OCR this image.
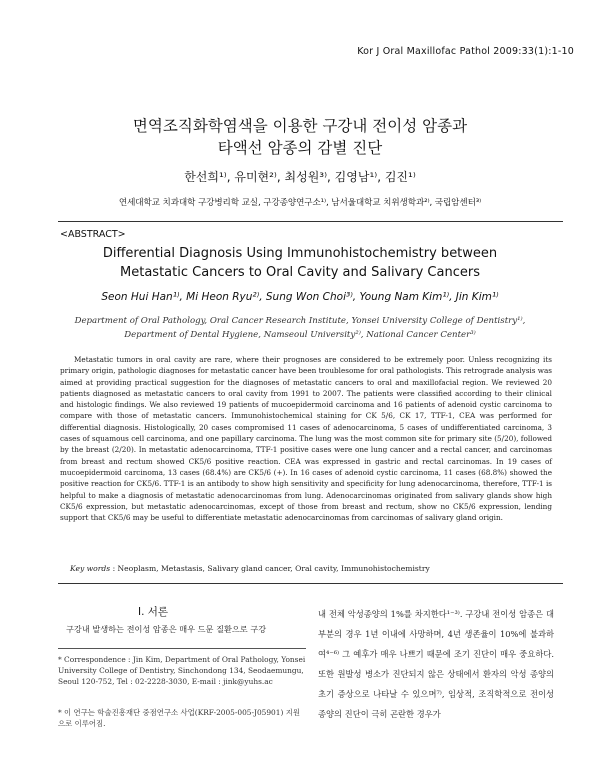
Kor J Oral Maxillofac Pathol 2009:33(1):1-10
면역조직화학염색을 이용한 구강내 전이성 암종과
타액선 암종의 감별 진단
한선희¹⁾, 유미현²⁾, 최성원³⁾, 김영남¹⁾, 김진¹⁾
연세대학교 치과대학 구강병리학 교실, 구강종양연구소¹⁾, 남서울대학교 치위생학과²⁾, 국립암센터³⁾
<ABSTRACT>
Differential Diagnosis Using Immunohistochemistry between
Metastatic Cancers to Oral Cavity and Salivary Cancers
Seon Hui Han¹⁾, Mi Heon Ryu²⁾, Sung Won Choi³⁾, Young Nam Kim¹⁾, Jin Kim¹⁾
Department of Oral Pathology, Oral Cancer Research Institute, Yonsei University College of Dentistry¹⁾,
Department of Dental Hygiene, Namseoul University²⁾, National Cancer Center³⁾
Metastatic tumors in oral cavity are rare, where their prognoses are considered to be extremely poor. Unless recognizing its primary origin, pathologic diagnoses for metastatic cancer have been troublesome for oral pathologists. This retrograde analysis was aimed at providing practical suggestion for the diagnoses of metastatic cancers to oral and maxillofacial region. We reviewed 20 patients diagnosed as metastatic cancers to oral cavity from 1991 to 2007. The patients were classified according to their clinical and histologic findings. We also reviewed 19 patients of mucoepidermoid carcinoma and 16 patients of adenoid cystic carcinoma to compare with those of metastatic cancers. Immunohistochemical staining for CK 5/6, CK 17, TTF-1, CEA was performed for differential diagnosis. Histologically, 20 cases compromised 11 cases of adenocarcinoma, 5 cases of undifferentiated carcinoma, 3 cases of squamous cell carcinoma, and one papillary carcinoma. The lung was the most common site for primary site (5/20), followed by the breast (2/20). In metastatic adenocarcinoma, TTF-1 positive cases were one lung cancer and a rectal cancer, and carcinomas from breast and rectum showed CK5/6 positive reaction. CEA was expressed in gastric and rectal carcinomas. In 19 cases of mucoepidermoid carcinoma, 13 cases (68.4%) are CK5/6 (+). In 16 cases of adenoid cystic carcinoma, 11 cases (68.8%) showed the positive reaction for CK5/6. TTF-1 is an antibody to show high sensitivity and specificity for lung adenocarcinoma, therefore, TTF-1 is helpful to make a diagnosis of metastatic adenocarcinomas from lung. Adenocarcinomas originated from salivary glands show high CK5/6 expression, but metastatic adenocarcinomas, except of those from breast and rectum, show no CK5/6 expression, lending support that CK5/6 may be useful to differentiate metastatic adenocarcinomas from carcinomas of salivary gland origin.
Key words : Neoplasm, Metastasis, Salivary gland cancer, Oral cavity, Immunohistochemistry
I. 서론
구강내 발생하는 전이성 암종은 매우 드문 질환으로 구강
* Correspondence : Jin Kim, Department of Oral Pathology, Yonsei University College of Dentistry, Sinchondong 134, Seodaemungu, Seoul 120-752, Tel : 02-2228-3030, E-mail : jink@yuhs.ac
* 이 연구는 학술진흥재단 중점연구소 사업(KRF-2005-005-J05901) 지원으로 이루어짐.
내 전체 악성종양의 1%를 차지한다¹⁻³⁾. 구강내 전이성 암종은 대부분의 경우 1년 이내에 사망하며, 4년 생존율이 10%에 불과하여⁴⁻⁶⁾ 그 예후가 매우 나쁘기 때문에 조기 진단이 매우 중요하다. 또한 원발성 병소가 진단되지 않은 상태에서 환자의 악성 종양의 초기 증상으로 나타날 수 있으며⁷⁾, 임상적, 조직학적으로 전이성 종양의 진단이 극히 곤란한 경우가
